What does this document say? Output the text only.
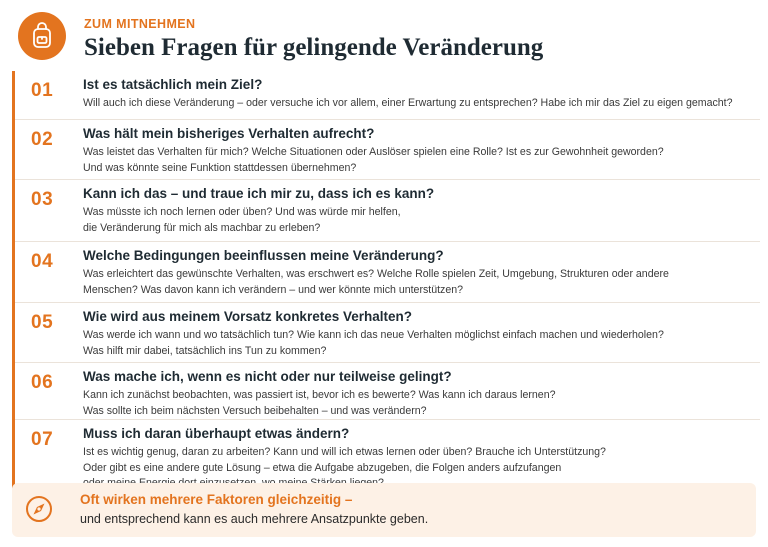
ZUM MITNEHMEN
Sieben Fragen für gelingende Veränderung
01 Ist es tatsächlich mein Ziel?
Will auch ich diese Veränderung – oder versuche ich vor allem, einer Erwartung zu entsprechen? Habe ich mir das Ziel zu eigen gemacht?
02 Was hält mein bisheriges Verhalten aufrecht?
Was leistet das Verhalten für mich? Welche Situationen oder Auslöser spielen eine Rolle? Ist es zur Gewohnheit geworden?
Und was könnte seine Funktion stattdessen übernehmen?
03 Kann ich das – und traue ich mir zu, dass ich es kann?
Was müsste ich noch lernen oder üben? Und was würde mir helfen,
die Veränderung für mich als machbar zu erleben?
04 Welche Bedingungen beeinflussen meine Veränderung?
Was erleichtert das gewünschte Verhalten, was erschwert es? Welche Rolle spielen Zeit, Umgebung, Strukturen oder andere
Menschen? Was davon kann ich verändern – und wer könnte mich unterstützen?
05 Wie wird aus meinem Vorsatz konkretes Verhalten?
Was werde ich wann und wo tatsächlich tun? Wie kann ich das neue Verhalten möglichst einfach machen und wiederholen?
Was hilft mir dabei, tatsächlich ins Tun zu kommen?
06 Was mache ich, wenn es nicht oder nur teilweise gelingt?
Kann ich zunächst beobachten, was passiert ist, bevor ich es bewerte? Was kann ich daraus lernen?
Was sollte ich beim nächsten Versuch beibehalten – und was verändern?
07 Muss ich daran überhaupt etwas ändern?
Ist es wichtig genug, daran zu arbeiten? Kann und will ich etwas lernen oder üben? Brauche ich Unterstützung?
Oder gibt es eine andere gute Lösung – etwa die Aufgabe abzugeben, die Folgen anders aufzufangen
Oft wirken mehrere Faktoren gleichzeitig –
und entsprechend kann es auch mehrere Ansatzpunkte geben.
